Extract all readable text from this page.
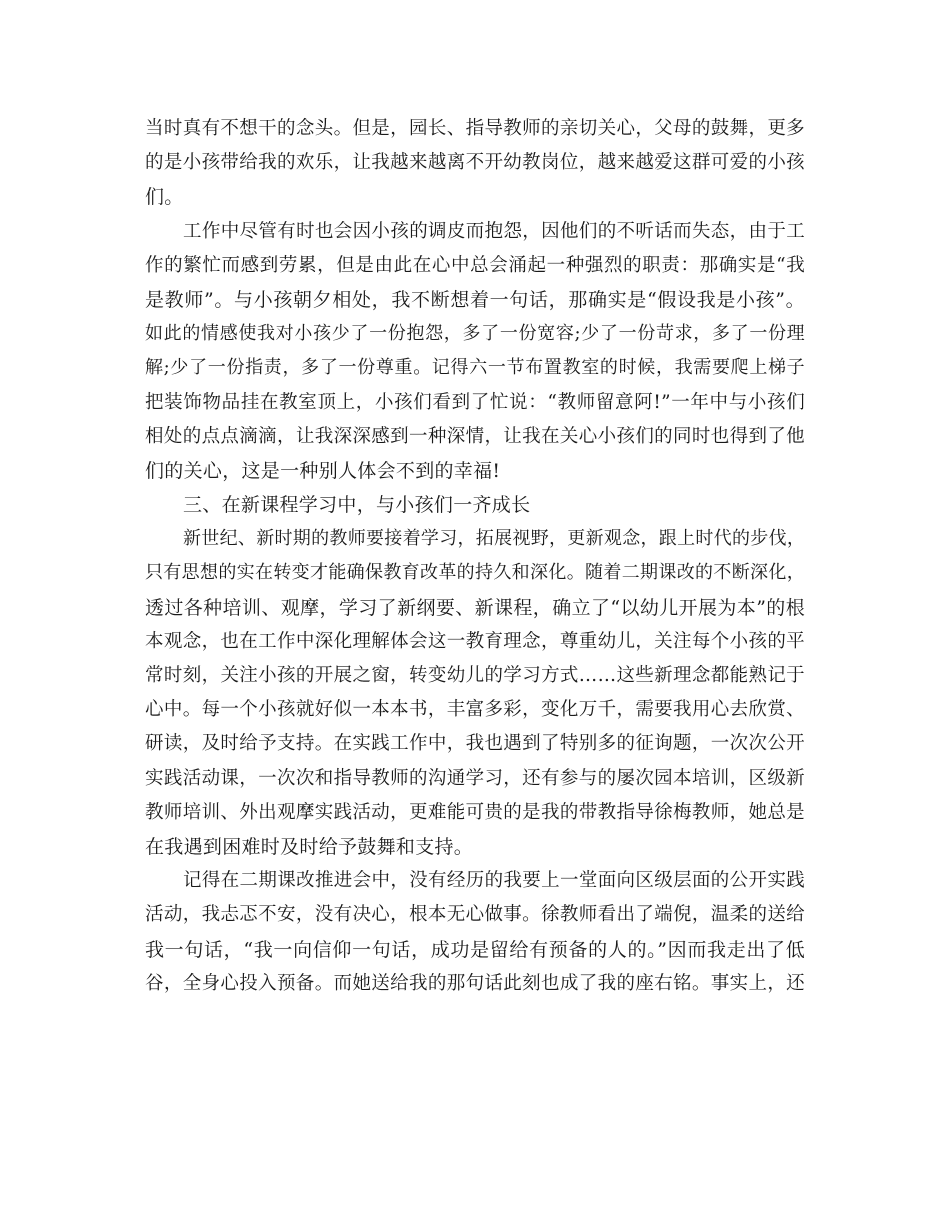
当时真有不想干的念头。但是，园长、指导教师的亲切关心，父母的鼓舞，更多
的是小孩带给我的欢乐，让我越来越离不开幼教岗位，越来越爱这群可爱的小孩
们。
工作中尽管有时也会因小孩的调皮而抱怨，因他们的不听话而失态，由于工
作的繁忙而感到劳累，但是由此在心中总会涌起一种强烈的职责：那确实是“我
是教师”。与小孩朝夕相处，我不断想着一句话，那确实是“假设我是小孩”。
如此的情感使我对小孩少了一份抱怨，多了一份宽容;少了一份苛求，多了一份理
解;少了一份指责，多了一份尊重。记得六一节布置教室的时候，我需要爬上梯子
把装饰物品挂在教室顶上，小孩们看到了忙说：“教师留意阿!”一年中与小孩们
相处的点点滴滴，让我深深感到一种深情，让我在关心小孩们的同时也得到了他
们的关心，这是一种别人体会不到的幸福!
三、在新课程学习中，与小孩们一齐成长
新世纪、新时期的教师要接着学习，拓展视野，更新观念，跟上时代的步伐，
只有思想的实在转变才能确保教育改革的持久和深化。随着二期课改的不断深化，
透过各种培训、观摩，学习了新纲要、新课程，确立了“以幼儿开展为本”的根
本观念，也在工作中深化理解体会这一教育理念，尊重幼儿，关注每个小孩的平
常时刻，关注小孩的开展之窗，转变幼儿的学习方式……这些新理念都能熟记于
心中。每一个小孩就好似一本本书，丰富多彩，变化万千，需要我用心去欣赏、
研读，及时给予支持。在实践工作中，我也遇到了特别多的征询题，一次次公开
实践活动课，一次次和指导教师的沟通学习，还有参与的屡次园本培训，区级新
教师培训、外出观摩实践活动，更难能可贵的是我的带教指导徐梅教师，她总是
在我遇到困难时及时给予鼓舞和支持。
记得在二期课改推进会中，没有经历的我要上一堂面向区级层面的公开实践
活动，我忐忑不安，没有决心，根本无心做事。徐教师看出了端倪，温柔的送给
我一句话，“我一向信仰一句话，成功是留给有预备的人的。”因而我走出了低
谷，全身心投入预备。而她送给我的那句话此刻也成了我的座右铭。事实上，还
